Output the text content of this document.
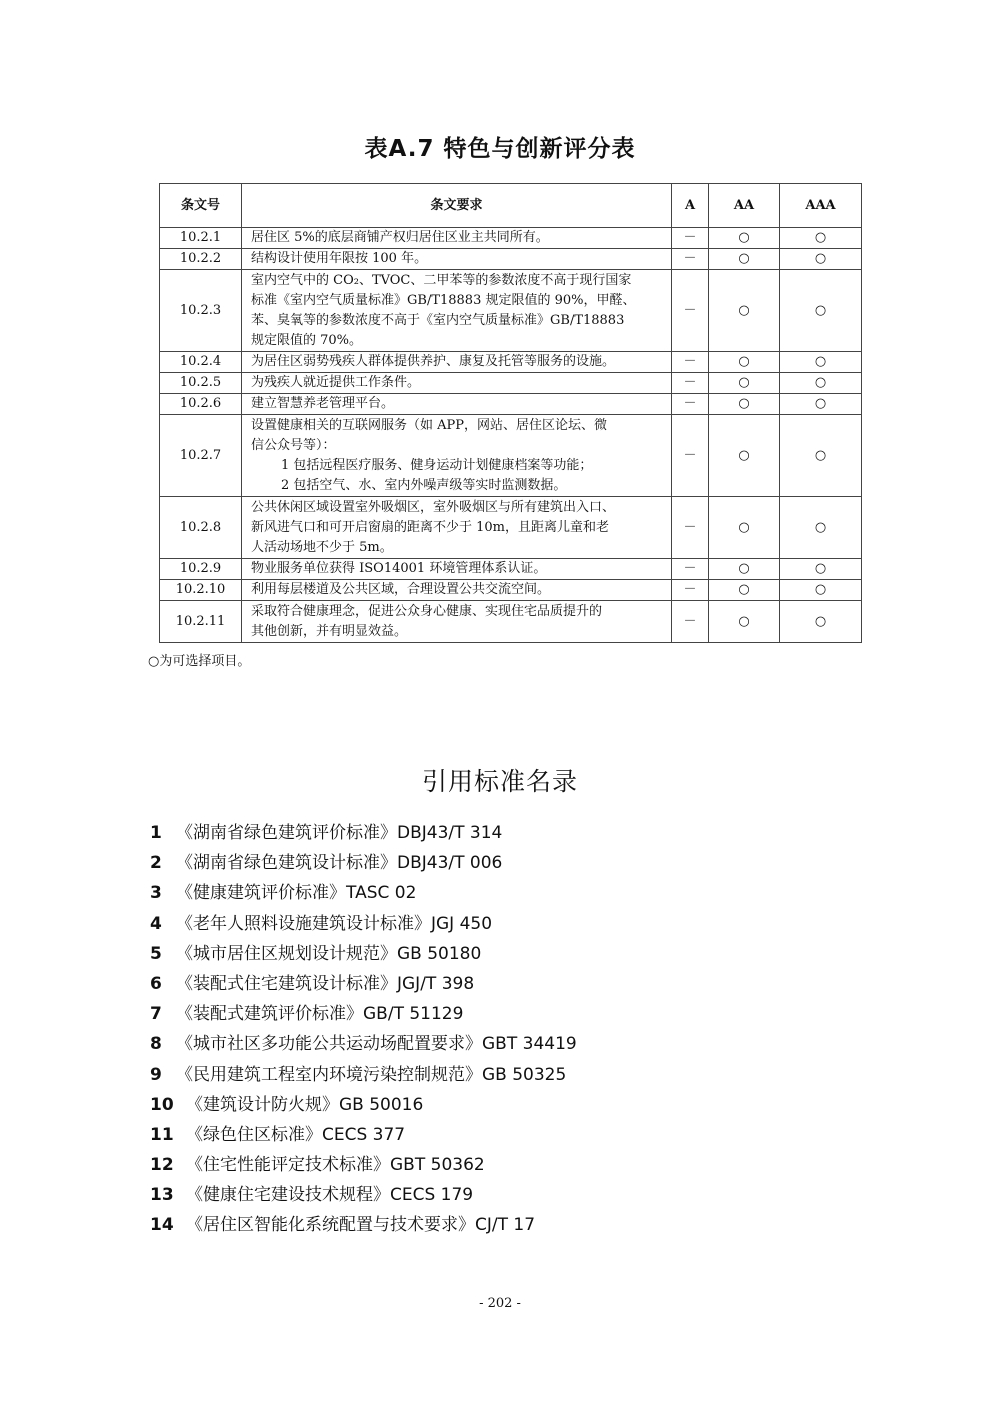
表A.7 特色与创新评分表
条文号	条文要求	A	AA	AAA
10.2.1	居住区 5%的底层商铺产权归居住区业主共同所有。	－	○	○
10.2.2	结构设计使用年限按 100 年。	－	○	○
10.2.3	室内空气中的 CO₂、TVOC、二甲苯等的参数浓度不高于现行国家
标准《室内空气质量标准》GB/T18883 规定限值的 90%，甲醛、
苯、臭氧等的参数浓度不高于《室内空气质量标准》GB/T18883
规定限值的 70%。	－	○	○
10.2.4	为居住区弱势残疾人群体提供养护、康复及托管等服务的设施。	－	○	○
10.2.5	为残疾人就近提供工作条件。	－	○	○
10.2.6	建立智慧养老管理平台。	－	○	○
10.2.7	设置健康相关的互联网服务（如 APP，网站、居住区论坛、微
信公众号等）：
1 包括远程医疗服务、健身运动计划健康档案等功能；
2 包括空气、水、室内外噪声级等实时监测数据。	－	○	○
10.2.8	公共休闲区域设置室外吸烟区，室外吸烟区与所有建筑出入口、
新风进气口和可开启窗扇的距离不少于 10m，且距离儿童和老
人活动场地不少于 5m。	－	○	○
10.2.9	物业服务单位获得 ISO14001 环境管理体系认证。	－	○	○
10.2.10	利用每层楼道及公共区域，合理设置公共交流空间。	－	○	○
10.2.11	采取符合健康理念，促进公众身心健康、实现住宅品质提升的
其他创新，并有明显效益。	－	○	○
○为可选择项目。
引用标准名录
1 《湖南省绿色建筑评价标准》DBJ43/T 314
2 《湖南省绿色建筑设计标准》DBJ43/T 006
3 《健康建筑评价标准》TASC 02
4 《老年人照料设施建筑设计标准》JGJ 450
5 《城市居住区规划设计规范》GB 50180
6 《装配式住宅建筑设计标准》JGJ/T 398
7 《装配式建筑评价标准》GB/T 51129
8 《城市社区多功能公共运动场配置要求》GBT 34419
9 《民用建筑工程室内环境污染控制规范》GB 50325
10 《建筑设计防火规》GB 50016
11 《绿色住区标准》CECS 377
12 《住宅性能评定技术标准》GBT 50362
13 《健康住宅建设技术规程》CECS 179
14 《居住区智能化系统配置与技术要求》CJ/T 17
- 202 -
